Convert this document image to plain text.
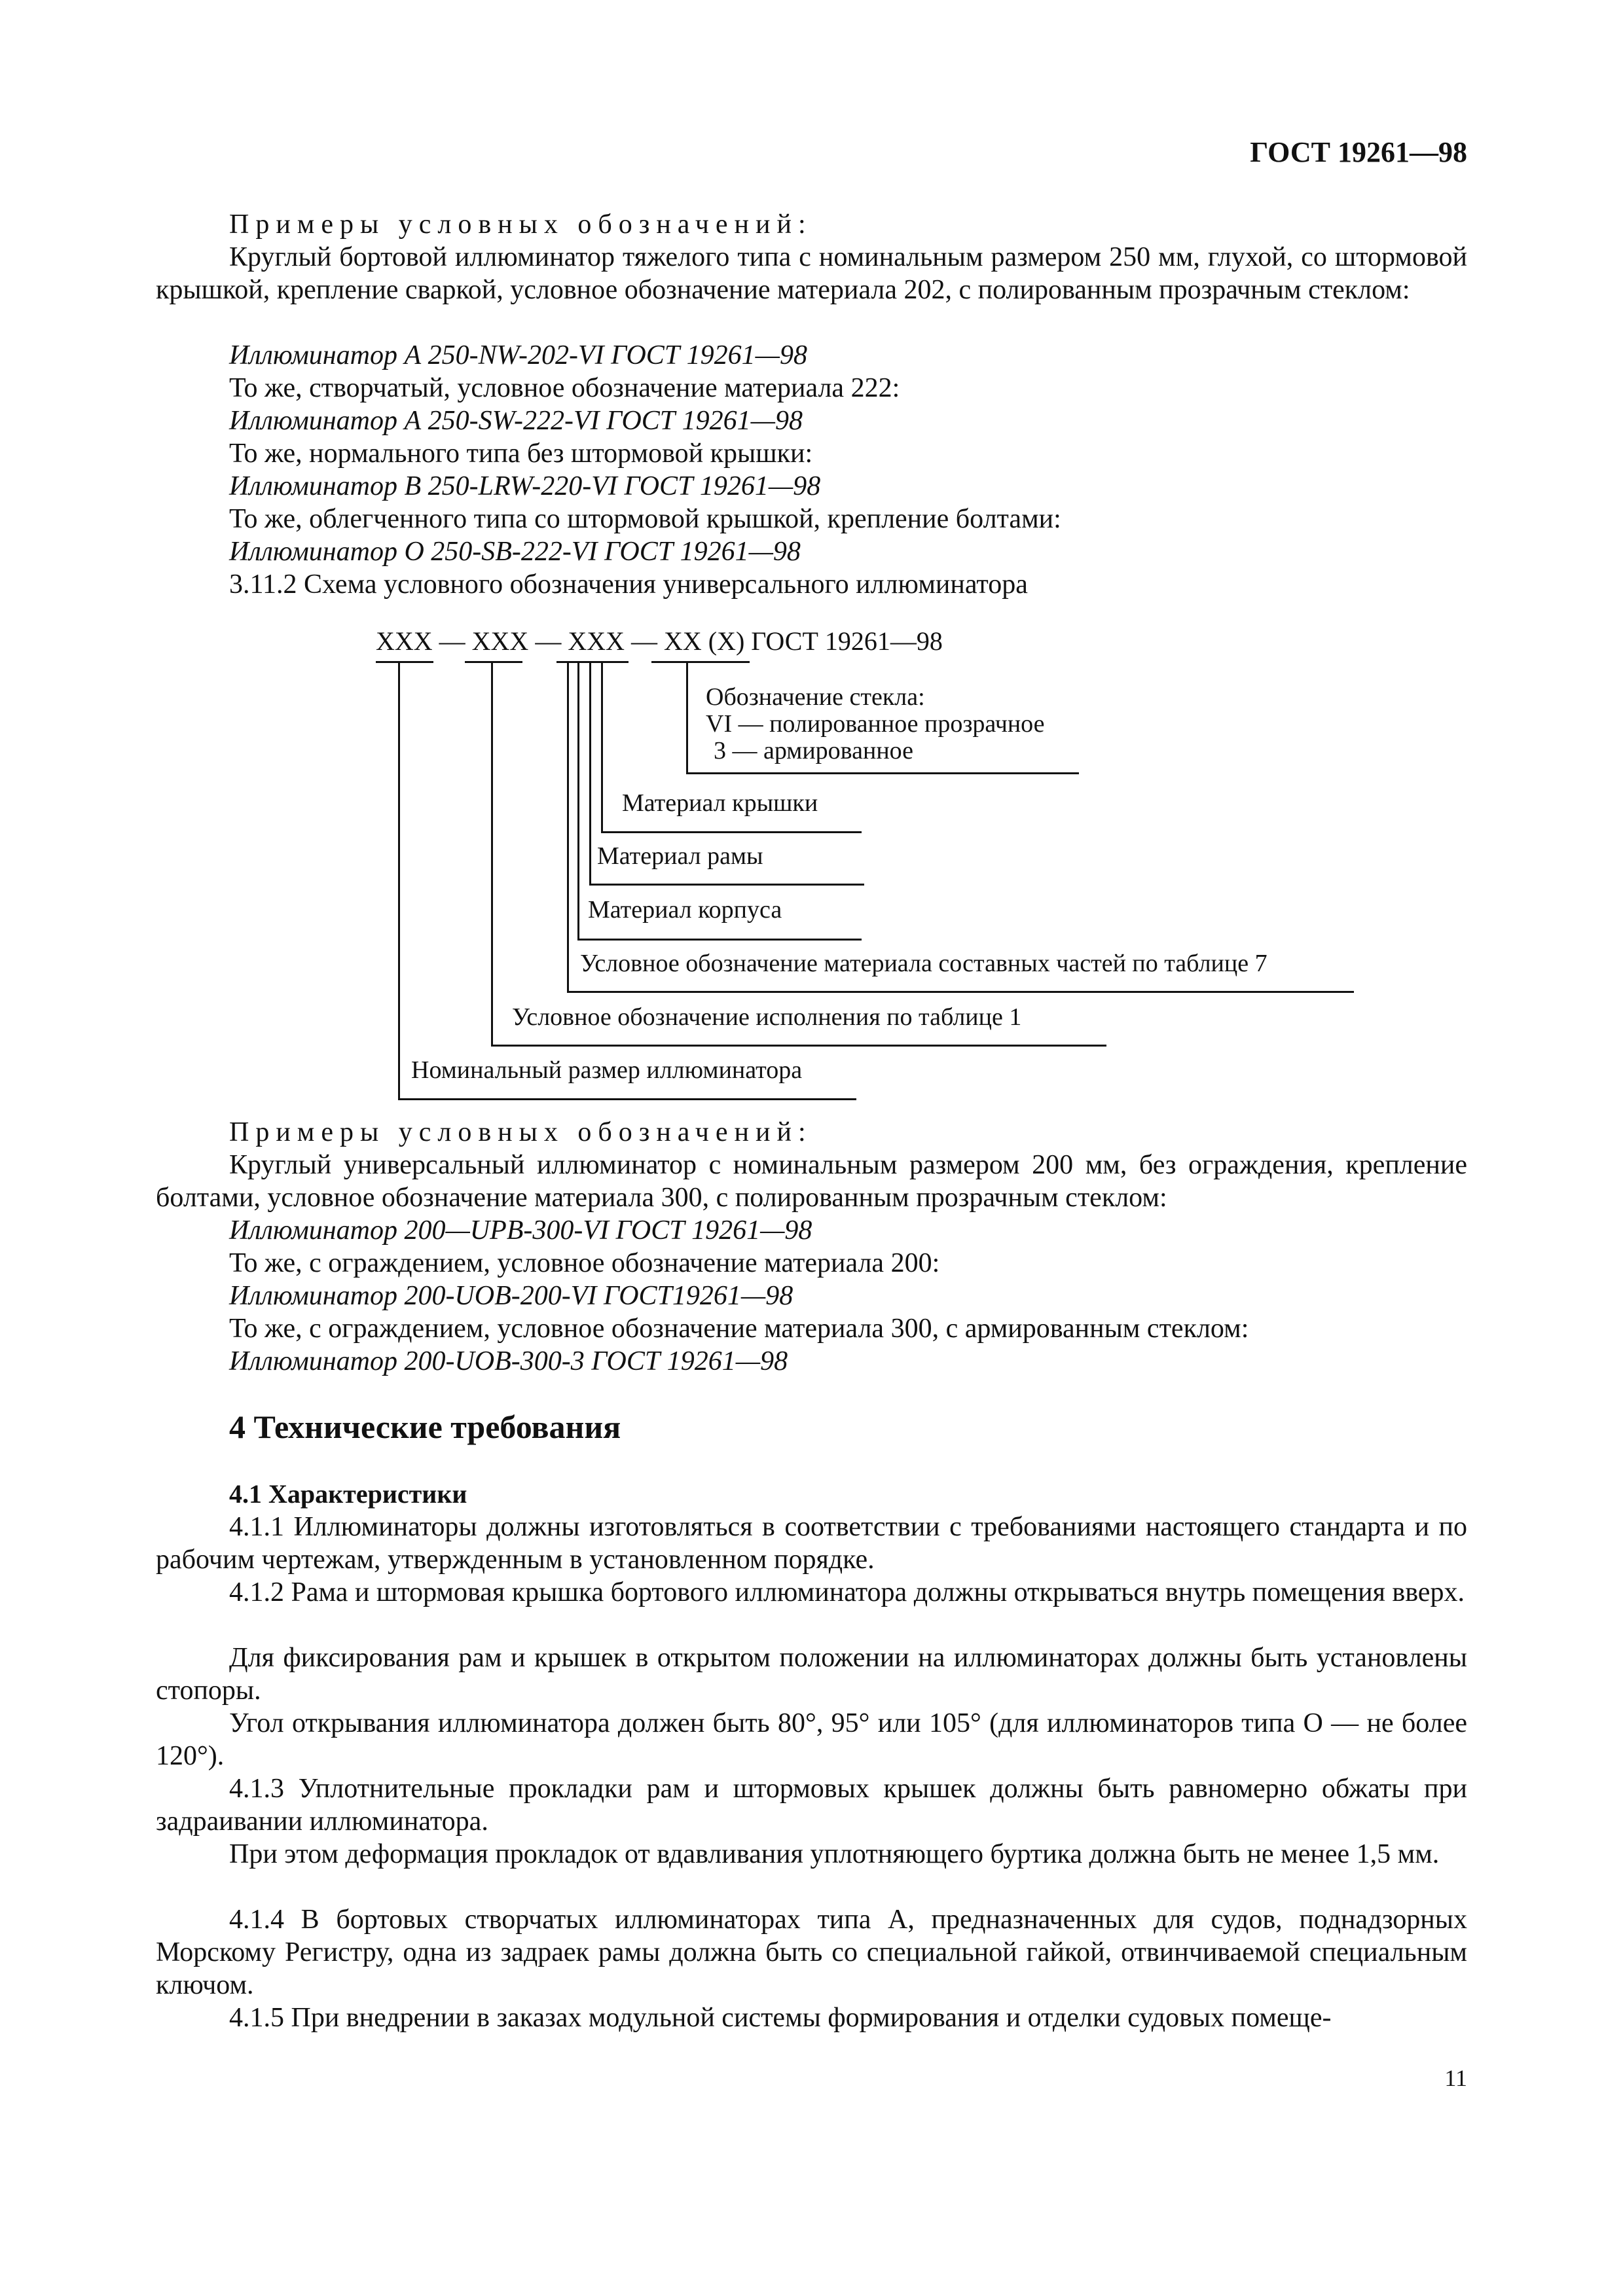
ГОСТ 19261—98
Примеры условных обозначений:
Круглый бортовой иллюминатор тяжелого типа с номинальным размером 250 мм, глухой, со штормовой крышкой, крепление сваркой, условное обозначение материала 202, с полированным прозрачным стеклом:
Иллюминатор А 250-NW-202-VI ГОСТ 19261—98
То же, створчатый, условное обозначение материала 222:
Иллюминатор А 250-SW-222-VI ГОСТ 19261—98
То же, нормального типа без штормовой крышки:
Иллюминатор В 250-LRW-220-VI ГОСТ 19261—98
То же, облегченного типа со штормовой крышкой, крепление болтами:
Иллюминатор О 250-SB-222-VI ГОСТ 19261—98
3.11.2 Схема условного обозначения универсального иллюминатора
ХХХ — ХХХ — ХХХ — ХХ (Х) ГОСТ 19261—98
Обозначение стекла:
VI — полированное прозрачное
3 — армированное
Материал крышки
Материал рамы
Материал корпуса
Условное обозначение материала составных частей по таблице 7
Условное обозначение исполнения по таблице 1
Номинальный размер иллюминатора
Примеры условных обозначений:
Круглый универсальный иллюминатор с номинальным размером 200 мм, без ограждения, крепление болтами, условное обозначение материала 300, с полированным прозрачным стеклом:
Иллюминатор 200—UPB-300-VI ГОСТ 19261—98
То же, с ограждением, условное обозначение материала 200:
Иллюминатор 200-UOB-200-VI ГОСТ19261—98
То же, с ограждением, условное обозначение материала 300, с армированным стеклом:
Иллюминатор 200-UOB-300-3 ГОСТ 19261—98
4 Технические требования
4.1 Характеристики
4.1.1 Иллюминаторы должны изготовляться в соответствии с требованиями настоящего стандарта и по рабочим чертежам, утвержденным в установленном порядке.
4.1.2 Рама и штормовая крышка бортового иллюминатора должны открываться внутрь помещения вверх.
Для фиксирования рам и крышек в открытом положении на иллюминаторах должны быть установлены стопоры.
Угол открывания иллюминатора должен быть 80°, 95° или 105° (для иллюминаторов типа О — не более 120°).
4.1.3 Уплотнительные прокладки рам и штормовых крышек должны быть равномерно обжаты при задраивании иллюминатора.
При этом деформация прокладок от вдавливания уплотняющего буртика должна быть не менее 1,5 мм.
4.1.4 В бортовых створчатых иллюминаторах типа А, предназначенных для судов, поднадзорных Морскому Регистру, одна из задраек рамы должна быть со специальной гайкой, отвинчиваемой специальным ключом.
4.1.5 При внедрении в заказах модульной системы формирования и отделки судовых помеще-
11
